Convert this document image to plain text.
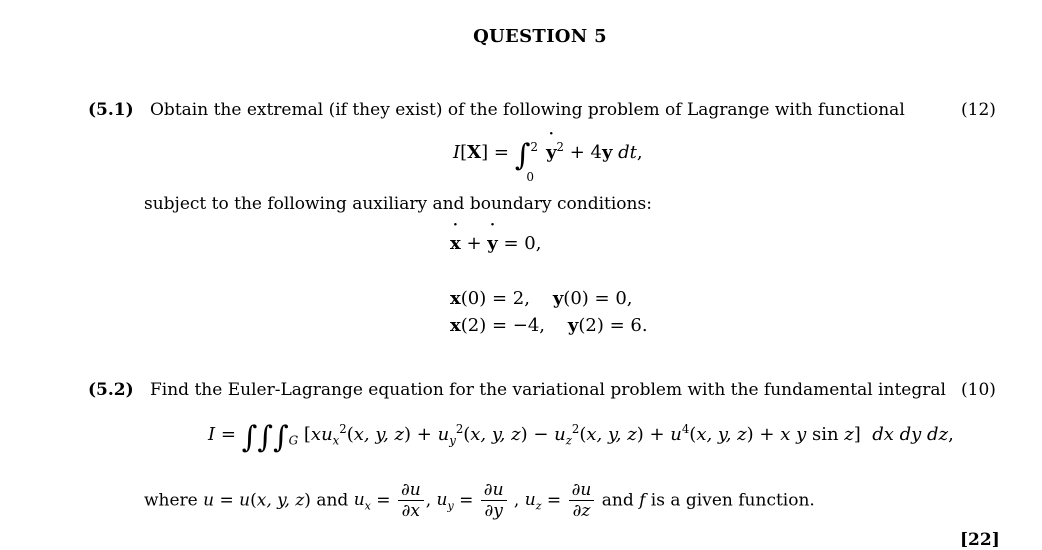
QUESTION 5
(5.1) Obtain the extremal (if they exist) of the following problem of Lagrange with functional	(12)
I[X] = ∫ 2
0
y ˙$^2$ + 4y dt,
subject to the following auxiliary and boundary conditions:
x ˙ + y ˙ = 0,
x(0) = 2,    y(0) = 0,
x(2) = −4,    y(2) = 6.
(5.2) Find the Euler-Lagrange equation for the variational problem with the fundamental integral (10)
$I = \int\int\int_G$ [$xu_x^2(x$, y, $z) + u_y^2(x$, y, $z) - u_z^2(x$, y, $z) + u^4(x$, y, z) + x y sin z]  dx dy dz,
where u = u(x, y, z) and $u_x = \frac{\partial u}{\partial x}$ , $u_y = \frac{\partial u}{\partial y}$ , $u_z = \frac{\partial u}{\partial z}$ and f is a given function.
[22]
